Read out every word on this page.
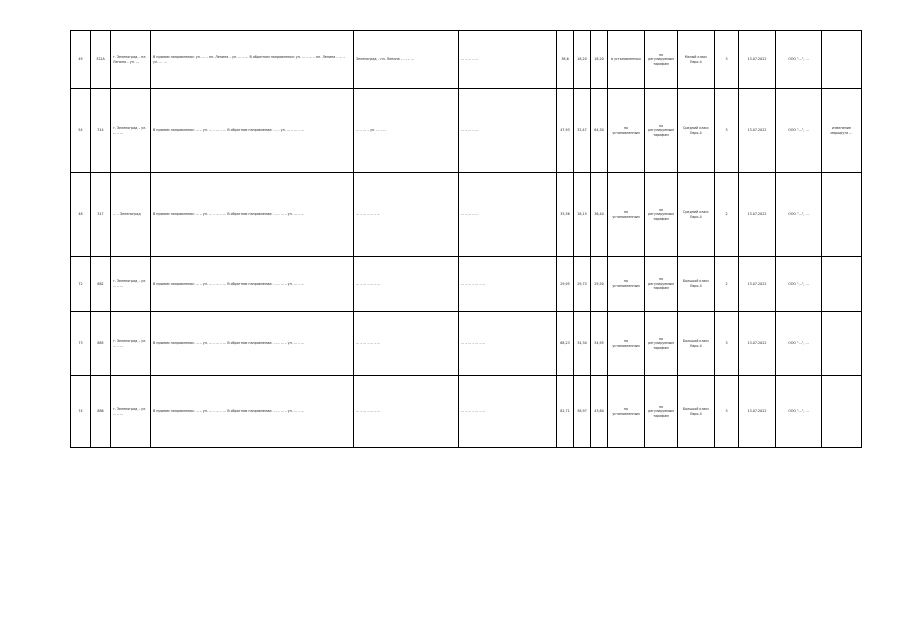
49	322А	г. Зеленоград – пл. Ленина – ул. …	В прямом направлении: ул. … – пл. Ленина – ул. … – … В обратном направлении: ул. … – … – пл. Ленина – … – ул. … …	Зеленоград – пл. Ленина – … – …	… – … – …	38,6	18,20	18,20	в установленных	по регулируемым тарифам	Малый класс Евро-4	3	13.07.2022	ООО "…", …	
54	314	г. Зеленоград – ул. … – …	В прямом направлении: … – ул. … – … – … В обратном направлении: … – ул. … – … – …	… – … – ул. … – …	… – … – …	47,93	32,47	64,30	по установленным	по регулируемым тарифам	Средний класс Евро-4	3	13.07.2022	ООО "…", …	изменение маршрута …
48	317	… – Зеленоград	В прямом направлении: … – ул. … – … – … В обратном направлении: … – … – ул. … – …	… – … – … – …	… – … – …	35,56	18,15	36,40	по установленным	по регулируемым тарифам	Средний класс Евро-4	2	13.07.2022	ООО "…", …	
72	882	г. Зеленоград – ул. … – …	В прямом направлении: … – ул. … – … – … В обратном направлении: … – … – ул. … – …	… – … – … – …	… – … – … – …	29,95	29,75	29,50	по установленным	по регулируемым тарифам	Большой класс Евро-4	2	13.07.2022	ООО "…", …	
73	885	г. Зеленоград – ул. … – …	В прямом направлении: … – ул. … – … – … В обратном направлении: … – … – ул. … – …	… – … – … – …	… – … – … – …	68,23	34,30	34,95	по установленным	по регулируемым тарифам	Большой класс Евро-4	3	13.07.2022	ООО "…", …	
74	886	г. Зеленоград – ул. … – …	В прямом направлении: … – ул. … – … – … В обратном направлении: … – … – ул. … – …	… – … – … – …	… – … – … – …	82,71	38,97	43,80	по установленным	по регулируемым тарифам	Большой класс Евро-4	3	13.07.2022	ООО "…", …	
